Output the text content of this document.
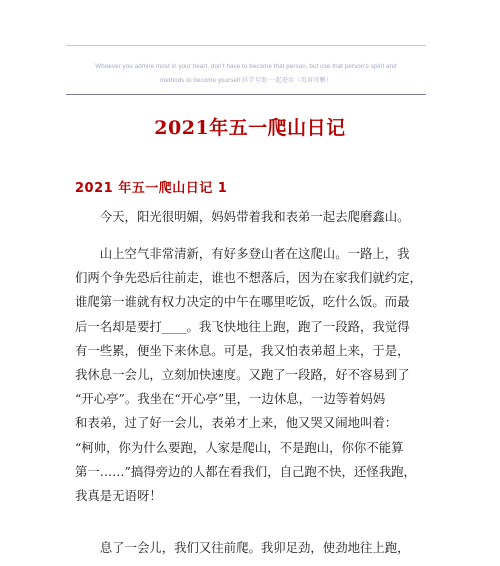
Whoever you admire most in your heart, don't have to become that person, but use that person's spirit and
methods to become yourself.抖学互助 一起进步（页眉可删）
2021年五一爬山日记
2021 年五一爬山日记 1
　　今天，阳光很明媚，妈妈带着我和表弟一起去爬磨鑫山。
　　山上空气非常清新，有好多登山者在这爬山。一路上，我
们两个争先恐后往前走，谁也不想落后，因为在家我们就约定，
谁爬第一谁就有权力决定的中午在哪里吃饭，吃什么饭。而最
后一名却是要打____。我飞快地往上跑，跑了一段路，我觉得
有一些累，便坐下来休息。可是，我又怕表弟超上来，于是，
我休息一会儿，立刻加快速度。又跑了一段路，好不容易到了
“开心亭”。我坐在“开心亭”里，一边休息，一边等着妈妈
和表弟，过了好一会儿，表弟才上来，他又哭又闹地叫着：
“柯帅，你为什么要跑，人家是爬山，不是跑山，你你不能算
第一……”搞得旁边的人都在看我们，自己跑不快，还怪我跑，
我真是无语呀！
　　息了一会儿，我们又往前爬。我卯足劲，使劲地往上跑，
